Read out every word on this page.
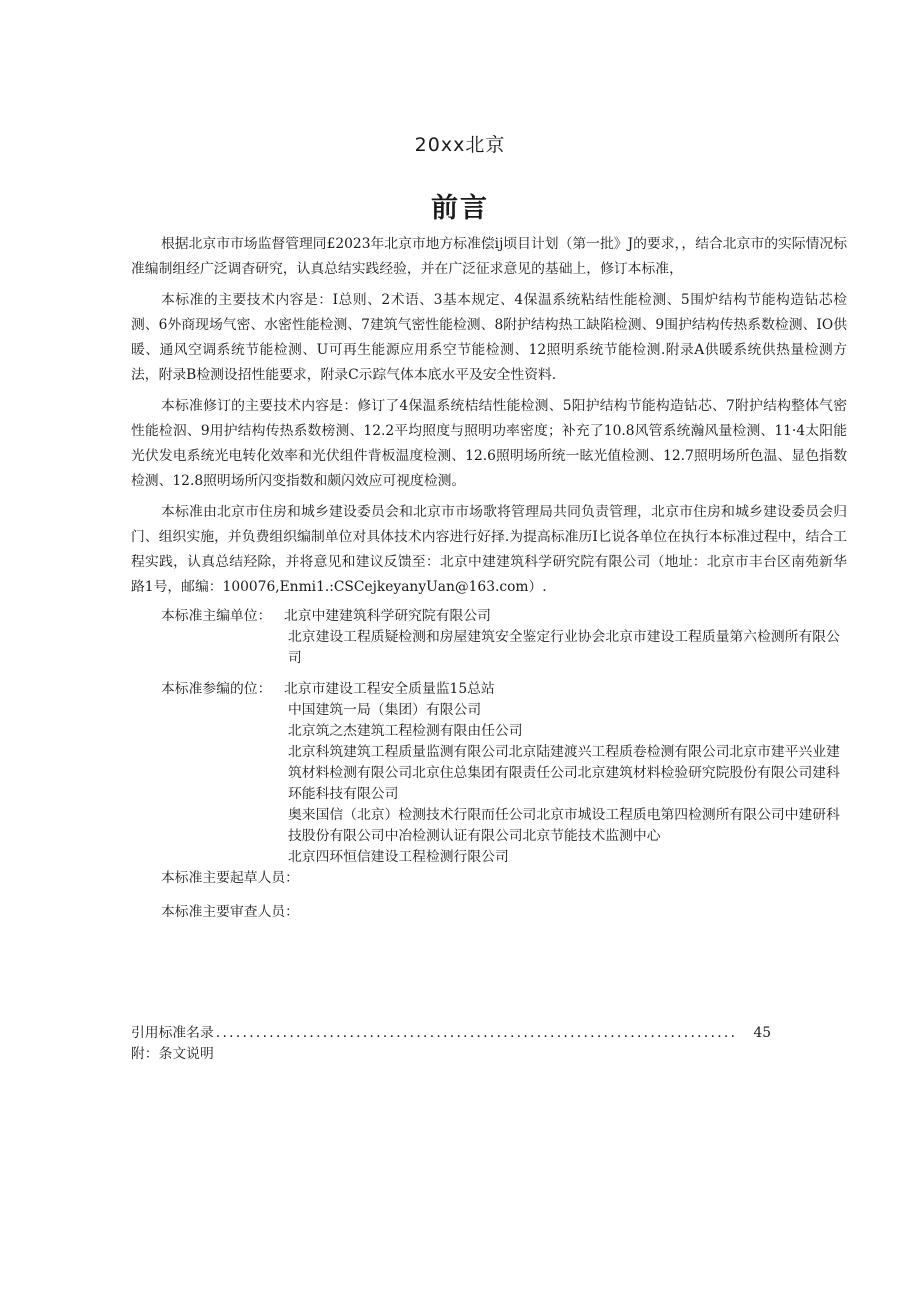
20xx北京
前言

根据北京市市场监督管理同£2023年北京市地方标准偿ij顷目计划（第一批》J的要求，，结合北京市的实际情况标准编制组经广泛调杳研究，认真总结实践经验，并在广泛征求意见的基础上，修订本标准，

本标准的主要技术内容是：I总则、2术语、3基本规定、4保温系统粘结性能检测、5围炉结构节能构造钻芯检测、6外商现场气密、水密性能检测、7建筑气密性能检测、8附护结构热工缺陷检测、9围护结构传热系数检测、IO供暖、通风空调系统节能检测、U可再生能源应用系空节能检测、12照明系统节能检测.附录A供暖系统供热量检测方法，附录B检测设招性能要求，附录C示踪气体本底水平及安全性资料.

本标准修订的主要技术内容是：修订了4保温系统桔结性能检测、5阳护结构节能构造钻芯、7附护结构整体气密性能检泅、9用护结构传热系数榜测、12.2平均照度与照明功率密度；补充了10.8风管系统瀚风量检测、11·4太阳能光伏发电系统光电转化效率和光伏组件背板温度检测、12.6照明场所统一眩光值检测、12.7照明场所色温、显色指数检测、12.8照明场所闪变指数和颇闪效应可视度检测。

本标准由北京市住房和城乡建设委员会和北京市市场歌将管理局共同负责管理，北京市住房和城乡建设委员会归门、组织实施，并负费组织编制单位对具体技术内容进行好择.为提高标准历I匕说各单位在执行本标准过程中，结合工程实践，认真总结羟除，并将意见和建议反馈至：北京中建建筑科学研究院有限公司（地址：北京市丰台区南苑新华路1号，邮编：100076,Enmi1.:CSCejkeyanyUan@163.com）.

本标准主编单位： 北京中建建筑科学研究院有限公司

北京建设工程质疑检测和房屋建筑安全鉴定行业协会北京市建设工程质量第六检测所有限公司

本标准参编的位： 北京市建设工程安全质量监15总站

中国建筑一局（集团）有限公司

北京筑之杰建筑工程检测有限由任公司

北京科筑建筑工程质量监测有限公司北京陆建渡兴工程质卷检测有限公司北京市建平兴业建筑材料检测有限公司北京住总集团有限责任公司北京建筑材料检验研究院股份有限公司建科环能科技有限公司

奥来国信（北京）检测技术行限而任公司北京市城设工程质电第四检测所有限公司中建研科技股份有限公司中冶检测认证有限公司北京节能技术监测中心

北京四环恒信建设工程检测行限公司

本标准主要起草人员：
本标准主要审查人员：
引用标准名录 ..............................................................................	45
附：条文说明
